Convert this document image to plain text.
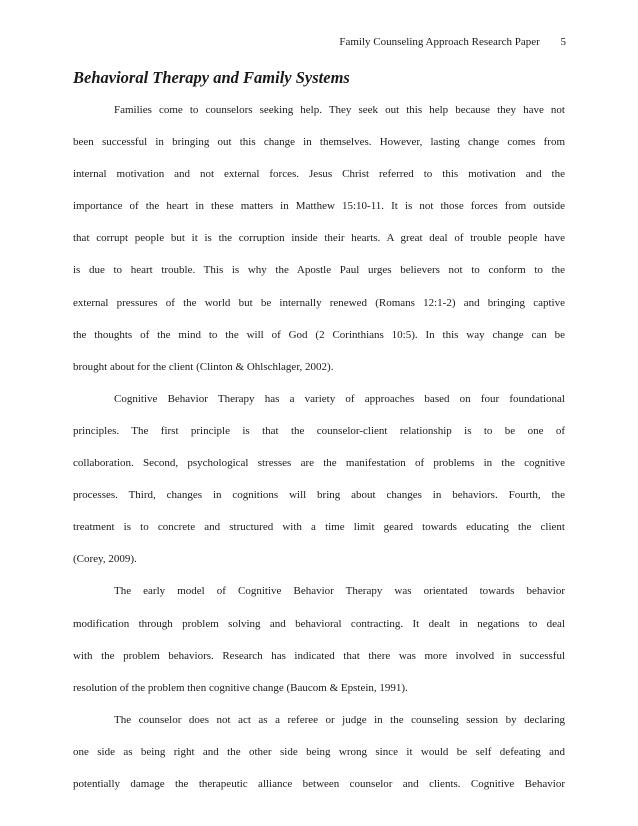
Family Counseling Approach Research Paper 5
Behavioral Therapy and Family Systems
Families come to counselors seeking help. They seek out this help because they have not
been successful in bringing out this change in themselves. However, lasting change comes from
internal motivation and not external forces. Jesus Christ referred to this motivation and the
importance of the heart in these matters in Matthew 15:10-11. It is not those forces from outside
that corrupt people but it is the corruption inside their hearts. A great deal of trouble people have
is due to heart trouble. This is why the Apostle Paul urges believers not to conform to the
external pressures of the world but be internally renewed (Romans 12:1-2) and bringing captive
the thoughts of the mind to the will of God (2 Corinthians 10:5). In this way change can be
brought about for the client (Clinton & Ohlschlager, 2002).
Cognitive Behavior Therapy has a variety of approaches based on four foundational
principles. The first principle is that the counselor-client relationship is to be one of
collaboration. Second, psychological stresses are the manifestation of problems in the cognitive
processes. Third, changes in cognitions will bring about changes in behaviors. Fourth, the
treatment is to concrete and structured with a time limit geared towards educating the client
(Corey, 2009).
The early model of Cognitive Behavior Therapy was orientated towards behavior
modification through problem solving and behavioral contracting. It dealt in negations to deal
with the problem behaviors. Research has indicated that there was more involved in successful
resolution of the problem then cognitive change (Baucom & Epstein, 1991).
The counselor does not act as a referee or judge in the counseling session by declaring
one side as being right and the other side being wrong since it would be self defeating and
potentially damage the therapeutic alliance between counselor and clients. Cognitive Behavior
